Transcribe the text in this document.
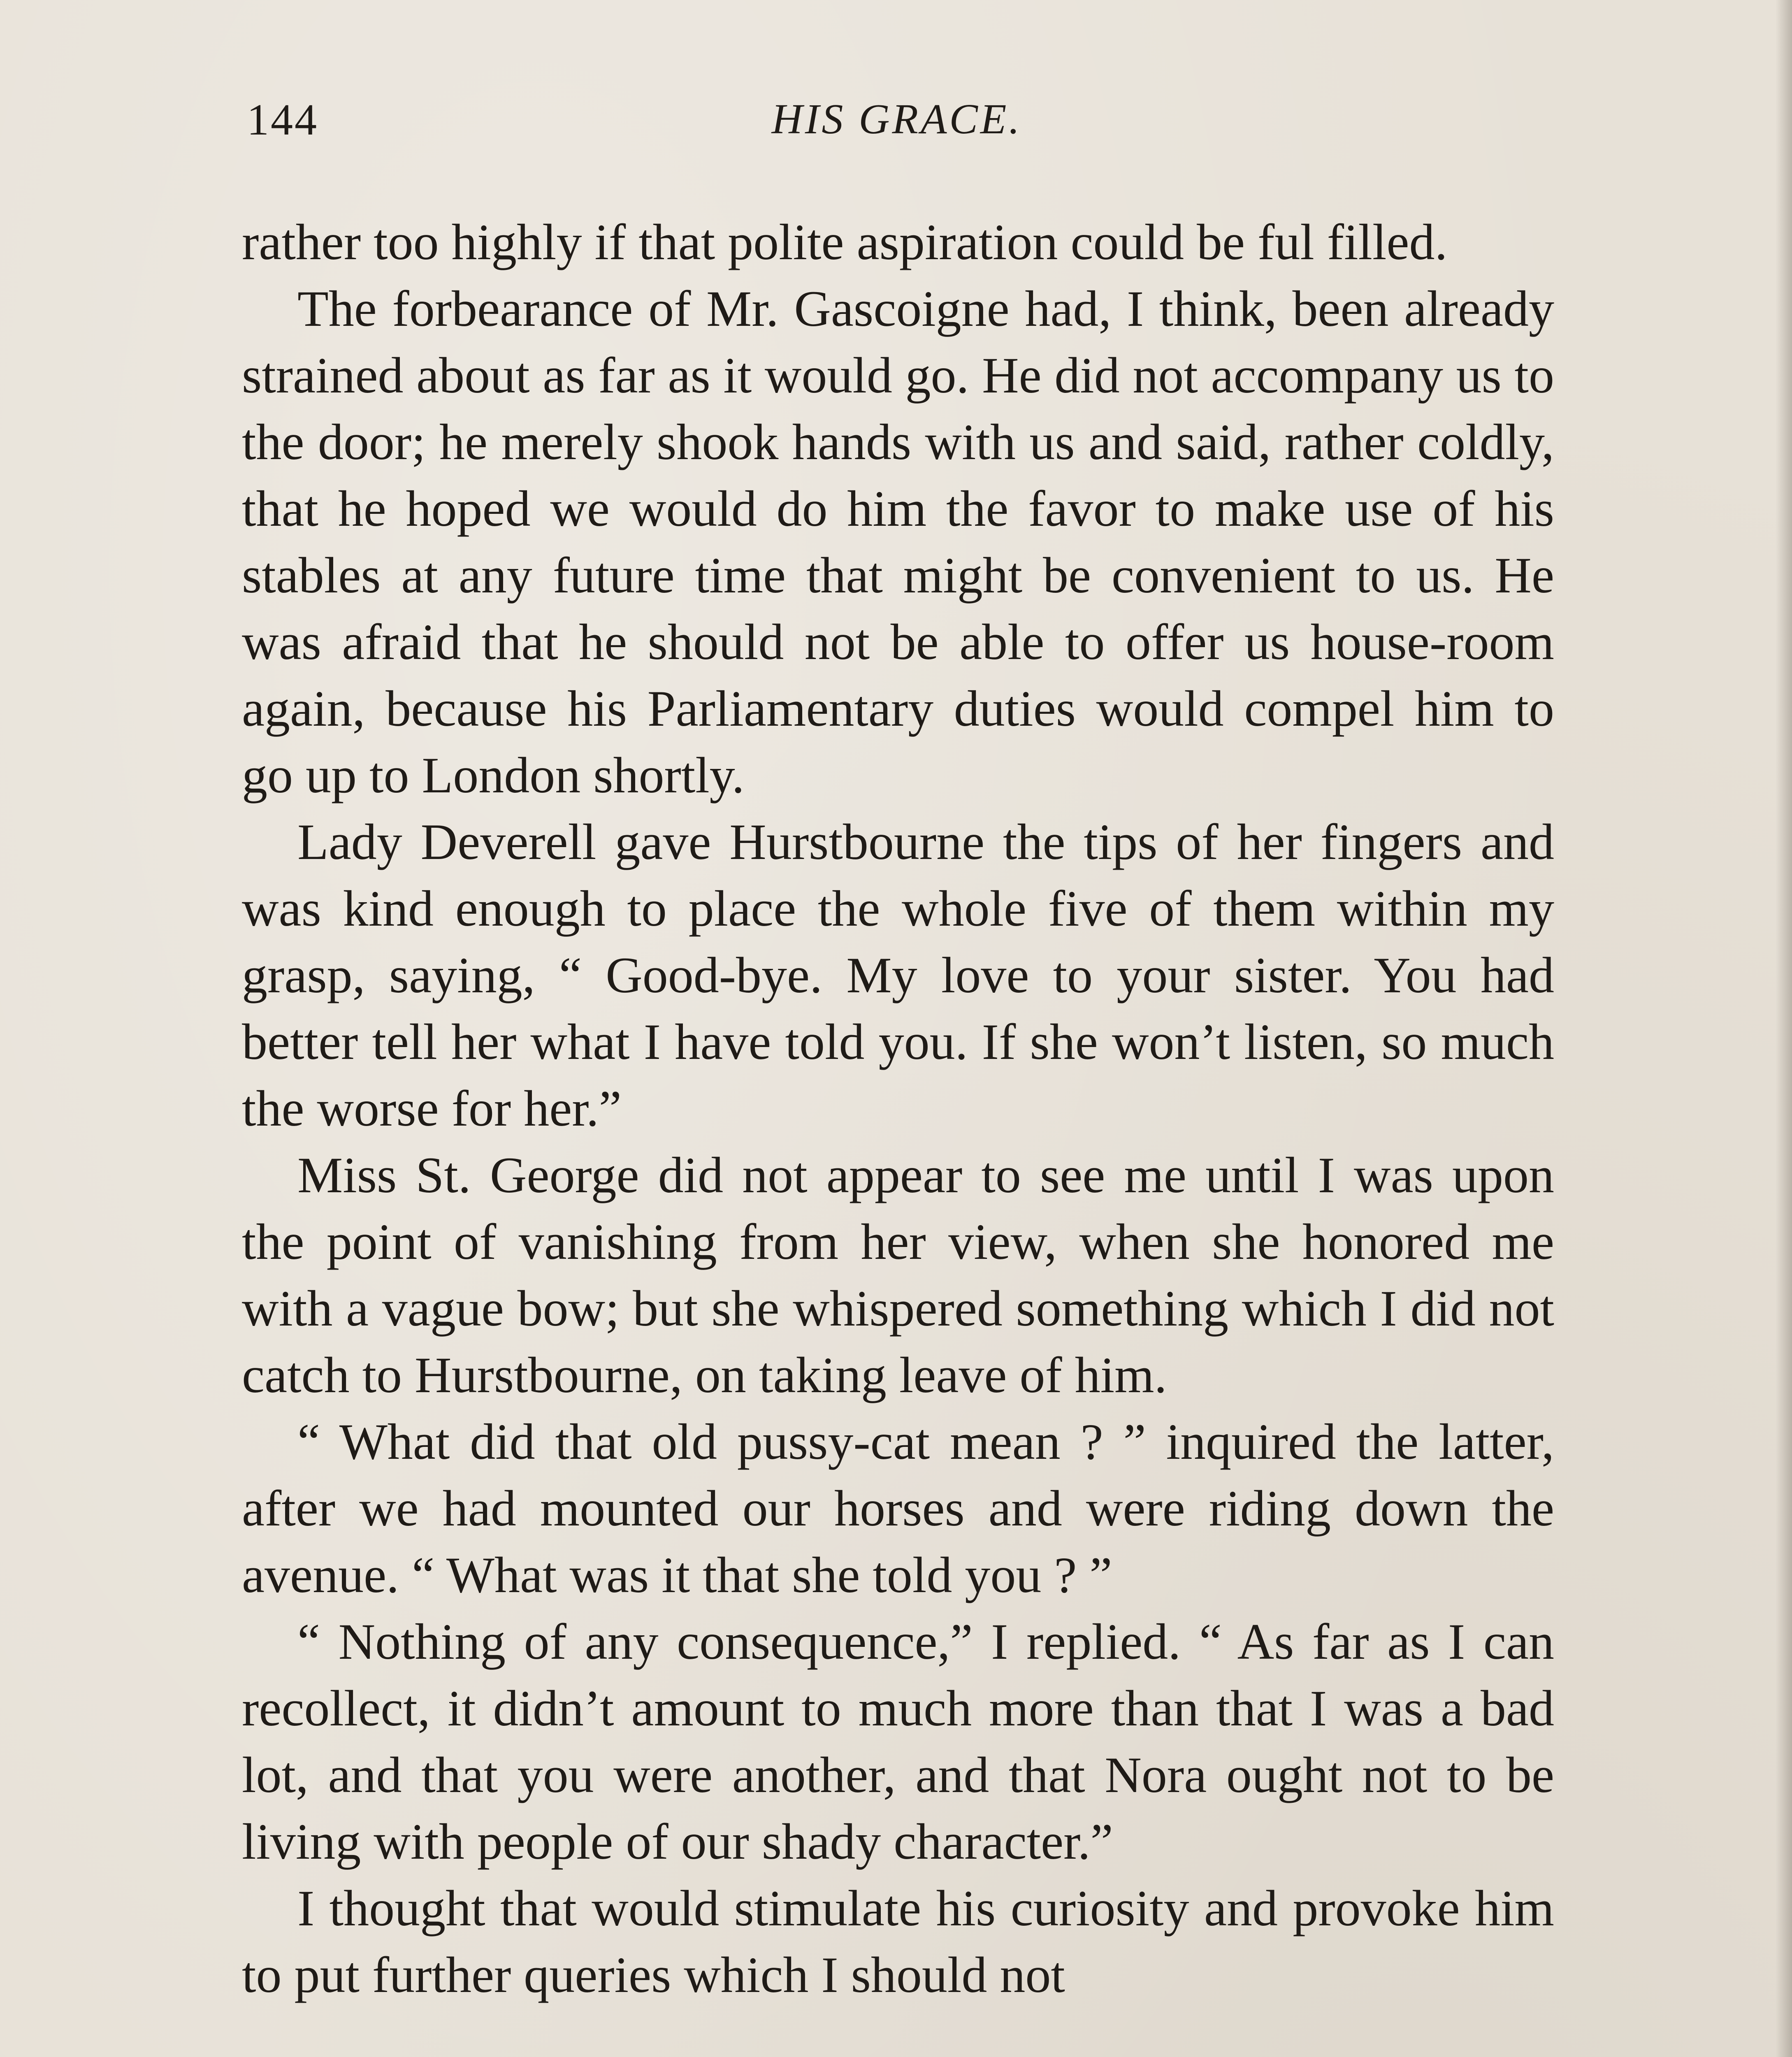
144	HIS GRACE.

rather too highly if that polite aspiration could be ful filled.

The forbearance of Mr. Gascoigne had, I think, been already strained about as far as it would go. He did not accompany us to the door; he merely shook hands with us and said, rather coldly, that he hoped we would do him the favor to make use of his stables at any future time that might be convenient to us. He was afraid that he should not be able to offer us house-room again, because his Parliamentary duties would compel him to go up to London shortly.

Lady Deverell gave Hurstbourne the tips of her fingers and was kind enough to place the whole five of them within my grasp, saying, “ Good-bye. My love to your sister. You had better tell her what I have told you. If she won’t listen, so much the worse for her.”

Miss St. George did not appear to see me until I was upon the point of vanishing from her view, when she honored me with a vague bow; but she whispered something which I did not catch to Hurstbourne, on taking leave of him.

“ What did that old pussy-cat mean ? ” inquired the latter, after we had mounted our horses and were riding down the avenue. “ What was it that she told you ? ”

“ Nothing of any consequence,” I replied. “ As far as I can recollect, it didn’t amount to much more than that I was a bad lot, and that you were another, and that Nora ought not to be living with people of our shady character.”

I thought that would stimulate his curiosity and provoke him to put further queries which I should not
